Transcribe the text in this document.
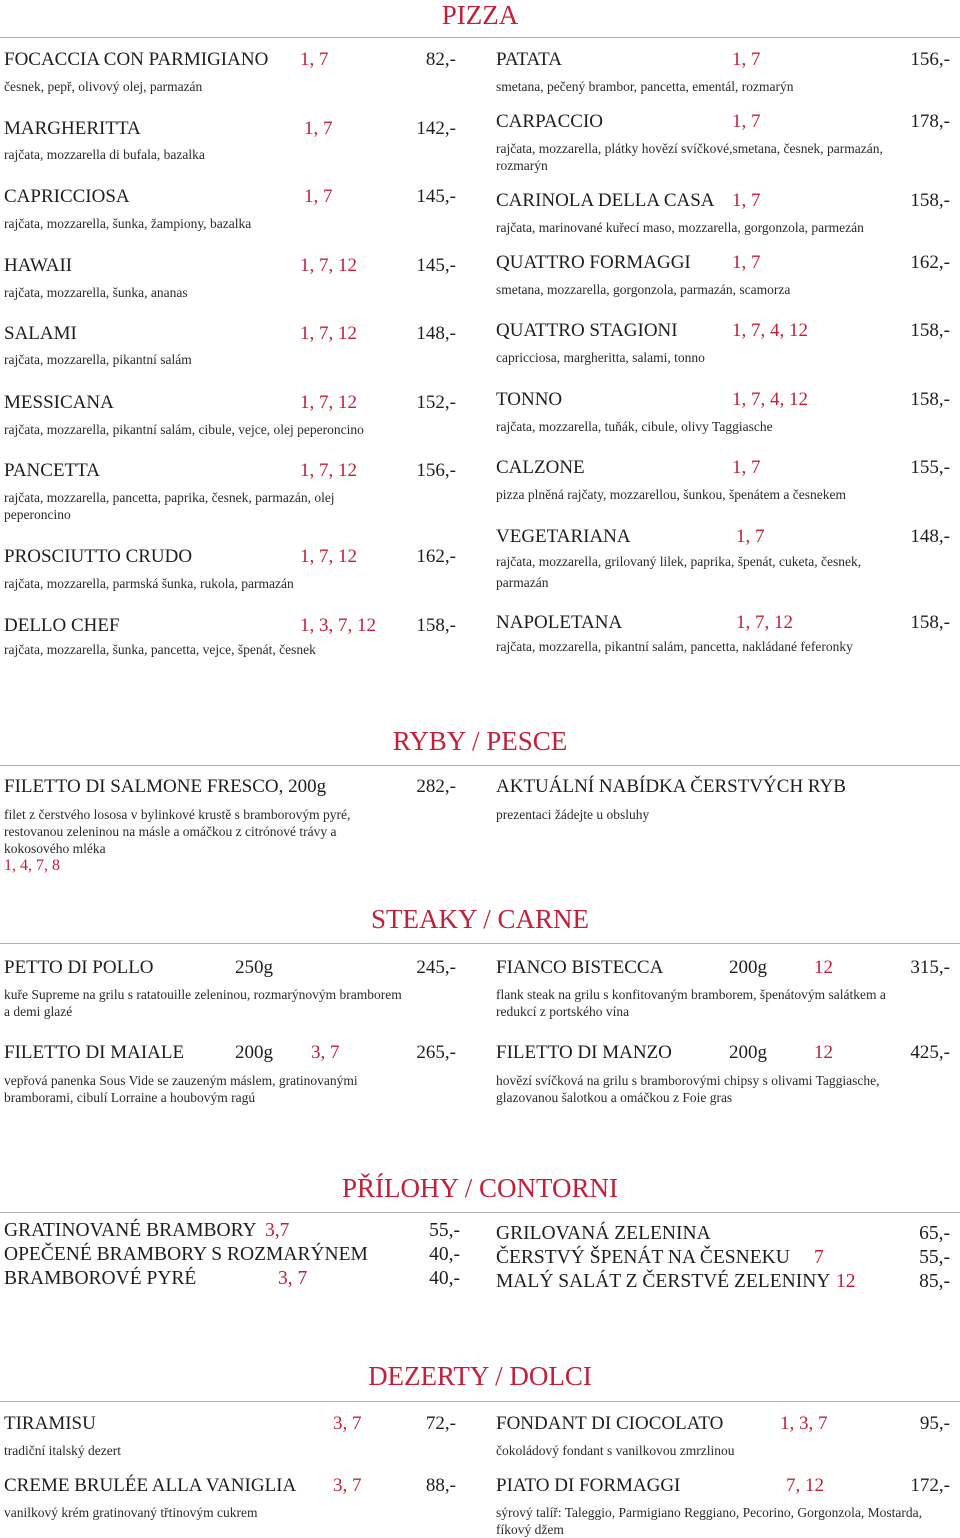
PIZZA
FOCACCIA CON PARMIGIANO 1, 7	82,-
česnek, pepř, olivový olej, parmazán
MARGHERITTA	1, 7	142,-
rajčata, mozzarella di bufala, bazalka
CAPRICCIOSA	1, 7	145,-
rajčata, mozzarella, šunka, žampiony, bazalka
HAWAII	1, 7, 12	145,-
rajčata, mozzarella, šunka, ananas
SALAMI	1, 7, 12	148,-
rajčata, mozzarella, pikantní salám
MESSICANA	1, 7, 12	152,-
rajčata, mozzarella, pikantní salám, cibule, vejce, olej peperoncino
PANCETTA	1, 7, 12	156,-
rajčata, mozzarella, pancetta, paprika, česnek, parmazán, olej peperoncino
PROSCIUTTO CRUDO	1, 7, 12	162,-
rajčata, mozzarella, parmská šunka, rukola, parmazán
DELLO CHEF	1, 3, 7, 12	158,-
rajčata, mozzarella, šunka, pancetta, vejce, špenát, česnek
PATATA	1, 7	156,-
smetana, pečený brambor, pancetta, ementál, rozmarýn
CARPACCIO	1, 7	178,-
rajčata, mozzarella, plátky hovězí svíčkové,smetana, česnek, parmazán, rozmarýn
CARINOLA DELLA CASA 1, 7	158,-
rajčata, marinované kuřecí maso, mozzarella, gorgonzola, parmezán
QUATTRO FORMAGGI 1, 7	162,-
smetana, mozzarella, gorgonzola, parmazán, scamorza
QUATTRO STAGIONI	1, 7, 4, 12	158,-
capricciosa, margheritta, salami, tonno
TONNO	1, 7, 4, 12	158,-
rajčata, mozzarella, tuňák, cibule, olivy Taggiasche
CALZONE	1, 7	155,-
pizza plněná rajčaty, mozzarellou, šunkou, špenátem a česnekem
VEGETARIANA	1, 7	148,-
rajčata, mozzarella, grilovaný lilek, paprika, špenát, cuketa, česnek, parmazán
NAPOLETANA	1, 7, 12	158,-
rajčata, mozzarella, pikantní salám, pancetta, nakládané feferonky
RYBY / PESCE
FILETTO DI SALMONE FRESCO, 200g	282,-
filet z čerstvého lososa v bylinkové krustě s bramborovým pyré, restovanou zeleninou na másle a omáčkou z citrónové trávy a kokosového mléka
1, 4, 7, 8
AKTUÁLNÍ NABÍDKA ČERSTVÝCH RYB
prezentaci žádejte u obsluhy
STEAKY / CARNE
PETTO DI POLLO	250g	245,-
kuře Supreme na grilu s ratatouille zeleninou, rozmarýnovým bramborem a demi glazé
FILETTO DI MAIALE	200g 3, 7	265,-
vepřová panenka Sous Vide se zauzeným máslem, gratinovanými bramborami, cibulí Lorraine a houbovým ragú
FIANCO BISTECCA	200g 12	315,-
flank steak na grilu s konfitovaným bramborem, špenátovým salátkem a redukcí z portského vína
FILETTO DI MANZO	200g 12	425,-
hovězí svíčková na grilu s bramborovými chipsy s olivami Taggiasche, glazovanou šalotkou a omáčkou z Foie gras
PŘÍLOHY / CONTORNI
GRATINOVANÉ BRAMBORY 3,7	55,-
OPEČENÉ BRAMBORY S ROZMARÝNEM	40,-
BRAMBOROVÉ PYRÉ	3, 7	40,-
GRILOVANÁ ZELENINA	65,-
ČERSTVÝ ŠPENÁT NA ČESNEKU 7	55,-
MALÝ SALÁT Z ČERSTVÉ ZELENINY 12	85,-
DEZERTY / DOLCI
TIRAMISU	3, 7	72,-
tradiční italský dezert
CREME BRULÉE ALLA VANIGLIA 3, 7	88,-
vanilkový krém gratinovaný třtinovým cukrem
FONDANT DI CIOCOLATO	1, 3, 7	95,-
čokoládový fondant s vanilkovou zmrzlinou
PIATO DI FORMAGGI	7, 12	172,-
sýrový talíř: Taleggio, Parmigiano Reggiano, Pecorino, Gorgonzola, Mostarda, fíkový džem
